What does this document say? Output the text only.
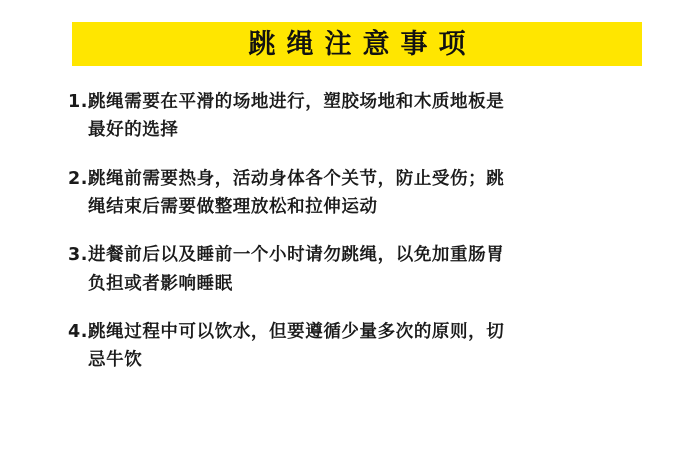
跳绳注意事项
1.跳绳需要在平滑的场地进行，塑胶场地和木质地板是
最好的选择
2.跳绳前需要热身，活动身体各个关节，防止受伤；跳
绳结束后需要做整理放松和拉伸运动
3.进餐前后以及睡前一个小时请勿跳绳，以免加重肠胃
负担或者影响睡眠
4.跳绳过程中可以饮水，但要遵循少量多次的原则，切
忌牛饮
